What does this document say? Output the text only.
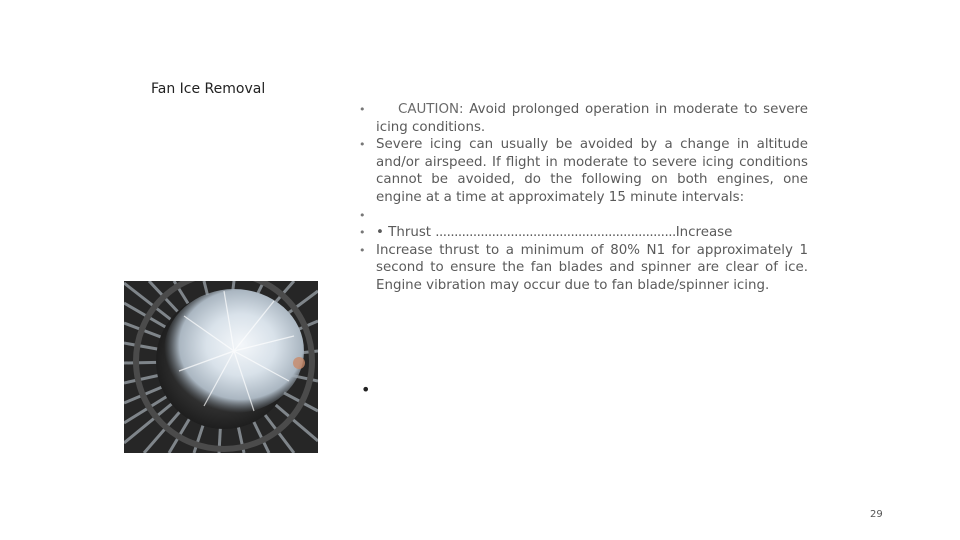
Fan Ice Removal
• CAUTION: Avoid prolonged operation in moderate to severe icing conditions.
• Severe icing can usually be avoided by a change in altitude and/or airspeed. If flight in moderate to severe icing conditions cannot be avoided, do the following on both engines, one engine at a time at approximately 15 minute intervals:
•
• • Thrust ................................................................Increase
• Increase thrust to a minimum of 80% N1 for approximately 1 second to ensure the fan blades and spinner are clear of ice. Engine vibration may occur due to fan blade/spinner icing.
•
29
